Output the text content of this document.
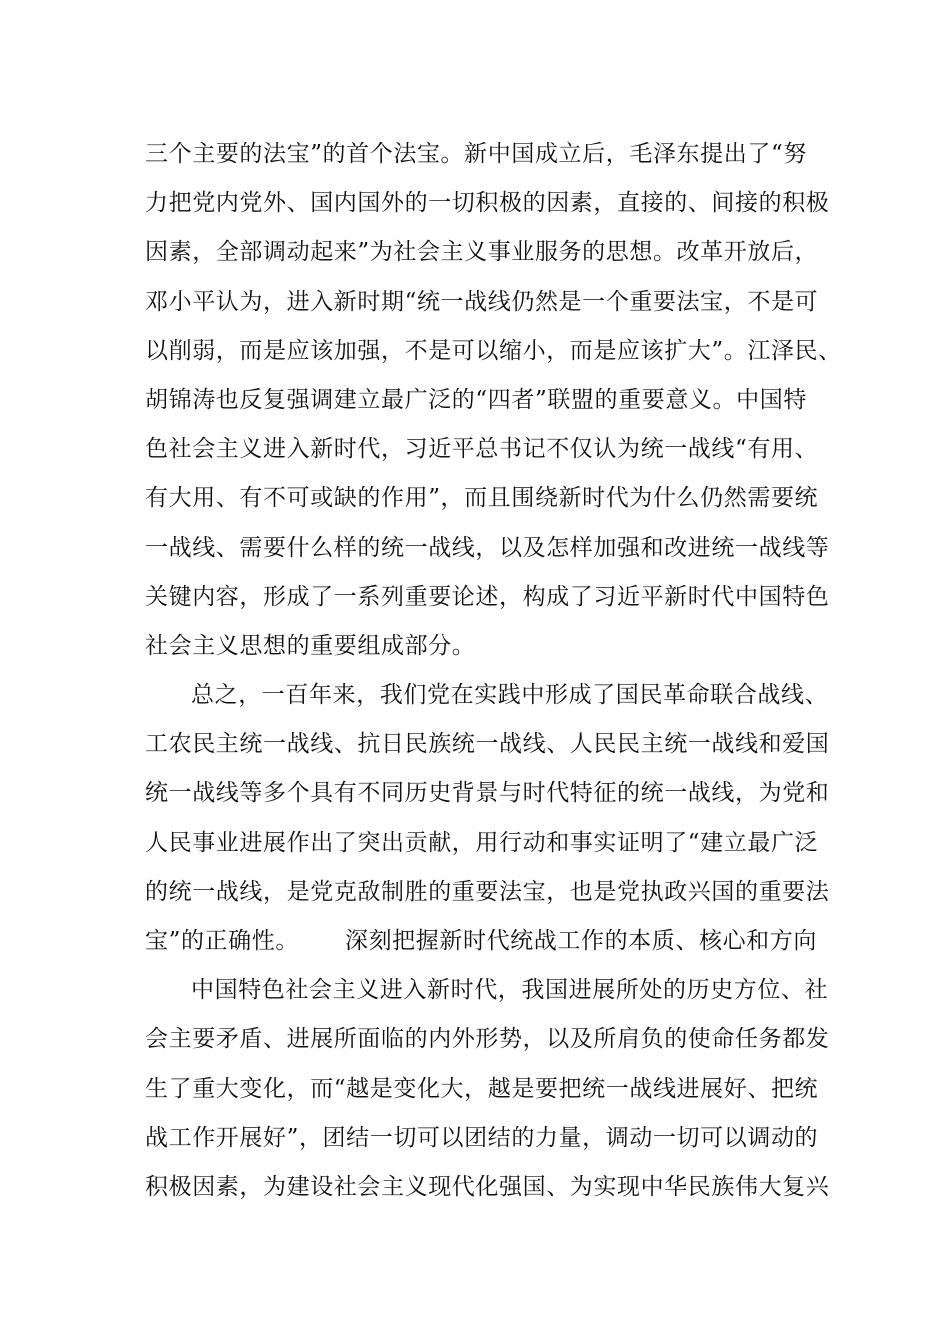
三个主要的法宝”的首个法宝。新中国成立后，毛泽东提出了“努
力把党内党外、国内国外的一切积极的因素，直接的、间接的积极
因素，全部调动起来”为社会主义事业服务的思想。改革开放后，
邓小平认为，进入新时期“统一战线仍然是一个重要法宝，不是可
以削弱，而是应该加强，不是可以缩小，而是应该扩大”。江泽民、
胡锦涛也反复强调建立最广泛的“四者”联盟的重要意义。中国特
色社会主义进入新时代，习近平总书记不仅认为统一战线“有用、
有大用、有不可或缺的作用”，而且围绕新时代为什么仍然需要统
一战线、需要什么样的统一战线，以及怎样加强和改进统一战线等
关键内容，形成了一系列重要论述，构成了习近平新时代中国特色
社会主义思想的重要组成部分。
总之，一百年来，我们党在实践中形成了国民革命联合战线、
工农民主统一战线、抗日民族统一战线、人民民主统一战线和爱国
统一战线等多个具有不同历史背景与时代特征的统一战线，为党和
人民事业进展作出了突出贡献，用行动和事实证明了“建立最广泛
的统一战线，是党克敌制胜的重要法宝，也是党执政兴国的重要法
宝”的正确性。 深刻把握新时代统战工作的本质、核心和方向
中国特色社会主义进入新时代，我国进展所处的历史方位、社
会主要矛盾、进展所面临的内外形势，以及所肩负的使命任务都发
生了重大变化，而“越是变化大，越是要把统一战线进展好、把统
战工作开展好”，团结一切可以团结的力量，调动一切可以调动的
积极因素，为建设社会主义现代化强国、为实现中华民族伟大复兴
